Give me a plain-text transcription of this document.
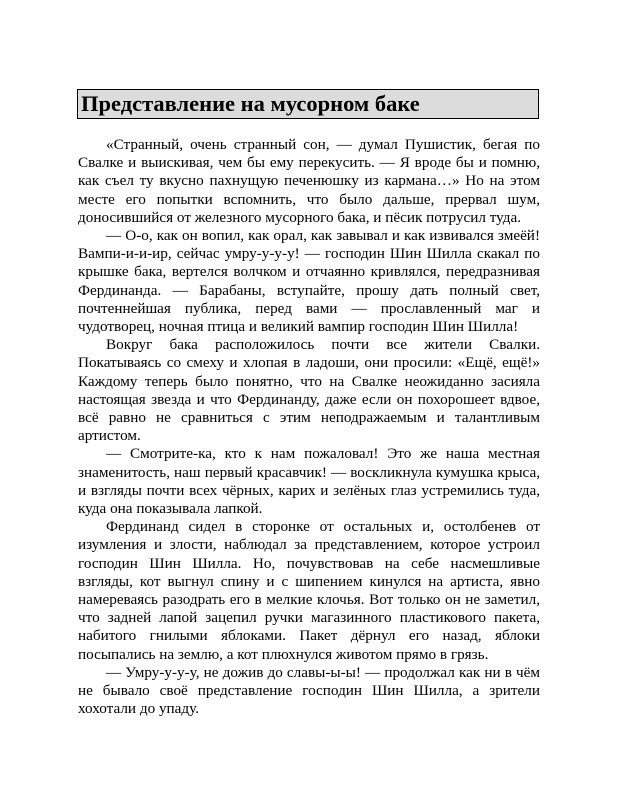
Представление на мусорном баке

«Странный, очень странный сон, — думал Пушистик, бегая по Свалке и выискивая, чем бы ему перекусить. — Я вроде бы и помню, как съел ту вкусно пахнущую печенюшку из кармана…» Но на этом месте его попытки вспомнить, что было дальше, прервал шум, доносившийся от железного мусорного бака, и пёсик потрусил туда.

— О-о, как он вопил, как орал, как завывал и как извивался змеёй! Вампи-и-и-ир, сейчас умру-у-у-у! — господин Шин Шилла скакал по крышке бака, вертелся волчком и отчаянно кривлялся, передразнивая Фердинанда. — Барабаны, вступайте, прошу дать полный свет, почтеннейшая публика, перед вами — прославленный маг и чудотворец, ночная птица и великий вампир господин Шин Шилла!

Вокруг бака расположилось почти все жители Свалки. Покатываясь со смеху и хлопая в ладоши, они просили: «Ещё, ещё!» Каждому теперь было понятно, что на Свалке неожиданно засияла настоящая звезда и что Фердинанду, даже если он похорошеет вдвое, всё равно не сравниться с этим неподражаемым и талантливым артистом.

— Смотрите-ка, кто к нам пожаловал! Это же наша местная знаменитость, наш первый красавчик! — воскликнула кумушка крыса, и взгляды почти всех чёрных, карих и зелёных глаз устремились туда, куда она показывала лапкой.

Фердинанд сидел в сторонке от остальных и, остолбенев от изумления и злости, наблюдал за представлением, которое устроил господин Шин Шилла. Но, почувствовав на себе насмешливые взгляды, кот выгнул спину и с шипением кинулся на артиста, явно намереваясь разодрать его в мелкие клочья. Вот только он не заметил, что задней лапой зацепил ручки магазинного пластикового пакета, набитого гнилыми яблоками. Пакет дёрнул его назад, яблоки посыпались на землю, а кот плюхнулся животом прямо в грязь.

— Умру-у-у-у, не дожив до славы-ы-ы! — продолжал как ни в чём не бывало своё представление господин Шин Шилла, а зрители хохотали до упаду.
